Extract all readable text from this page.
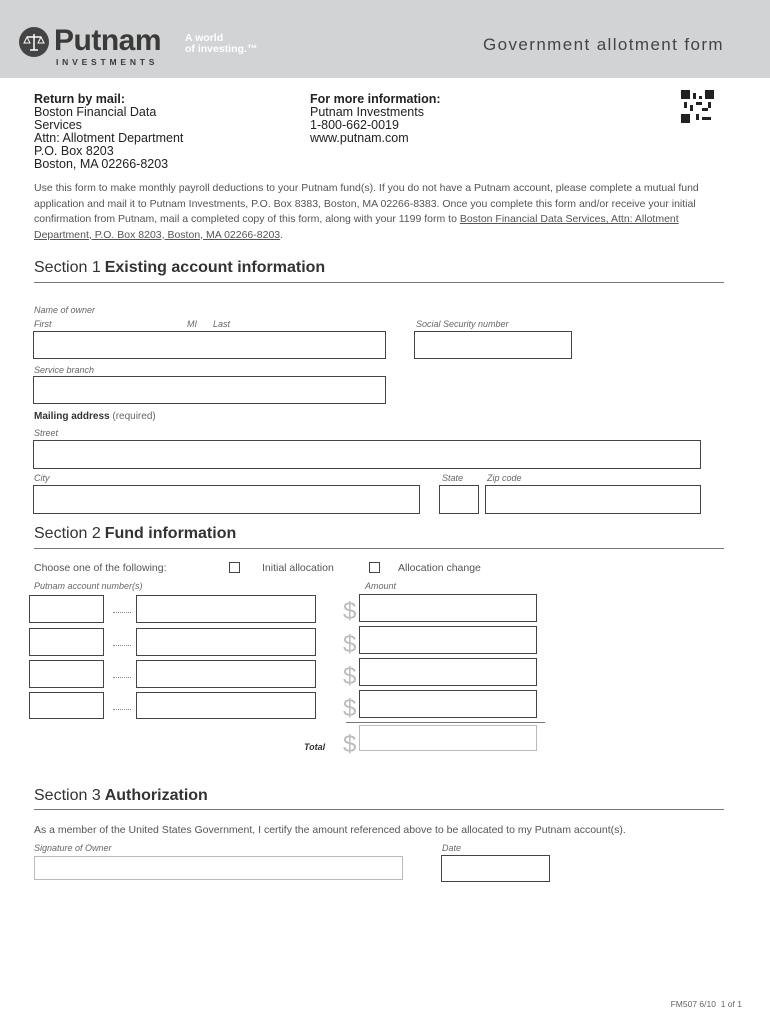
Putnam
INVESTMENTS
A world
of investing.™	Government allotment form
Return by mail:
Boston Financial Data
Services
Attn: Allotment Department
P.O. Box 8203
Boston, MA 02266-8203
For more information:
Putnam Investments
1-800-662-0019
www.putnam.com
Use this form to make monthly payroll deductions to your Putnam fund(s). If you do not have a Putnam account, please complete a mutual fund application and mail it to Putnam Investments, P.O. Box 8383, Boston, MA 02266-8383. Once you complete this form and/or receive your initial confirmation from Putnam, mail a completed copy of this form, along with your 1199 form to Boston Financial Data Services, Attn: Allotment Department, P.O. Box 8203, Boston, MA 02266-8203.
Section 1 Existing account information
Name of owner
First	MI Last	Social Security number
Service branch
Mailing address (required)
Street
City	State	Zip code
Section 2 Fund information
Choose one of the following:	Initial allocation	Allocation change
Putnam account number(s)	Amount
$
$
$
$
Total $
Section 3 Authorization
As a member of the United States Government, I certify the amount referenced above to be allocated to my Putnam account(s).
Signature of Owner	Date
FM507 6/10 1 of 1
